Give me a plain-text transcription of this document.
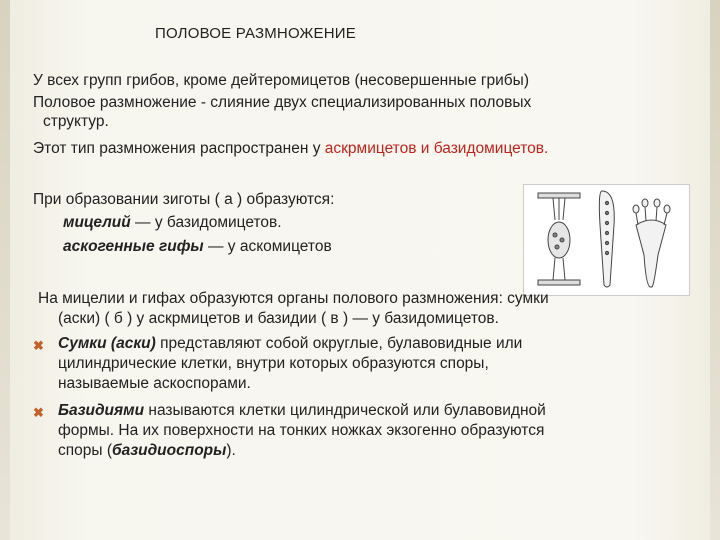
ПОЛОВОЕ РАЗМНОЖЕНИЕ
У всех групп грибов, кроме дейтеромицетов (несовершенные грибы)
Половое размножение - слияние двух специализированных половых
структур.
Этот тип размножения распространен у аскрмицетов и базидомицетов.
При образовании зиготы ( а ) образуются:
мицелий — у базидомицетов.
аскогенные гифы — у аскомицетов
На мицелии и гифах образуются органы полового размножения: сумки
(аски) ( б ) у аскрмицетов и базидии ( в ) — у базидомицетов.
✖ Сумки (аски) представляют собой округлые, булавовидные или
цилиндрические клетки, внутри которых образуются споры,
называемые аскоспорами.
✖ Базидиями называются клетки цилиндрической или булавовидной
формы. На их поверхности на тонких ножках экзогенно образуются
споры (базидиоспоры).
